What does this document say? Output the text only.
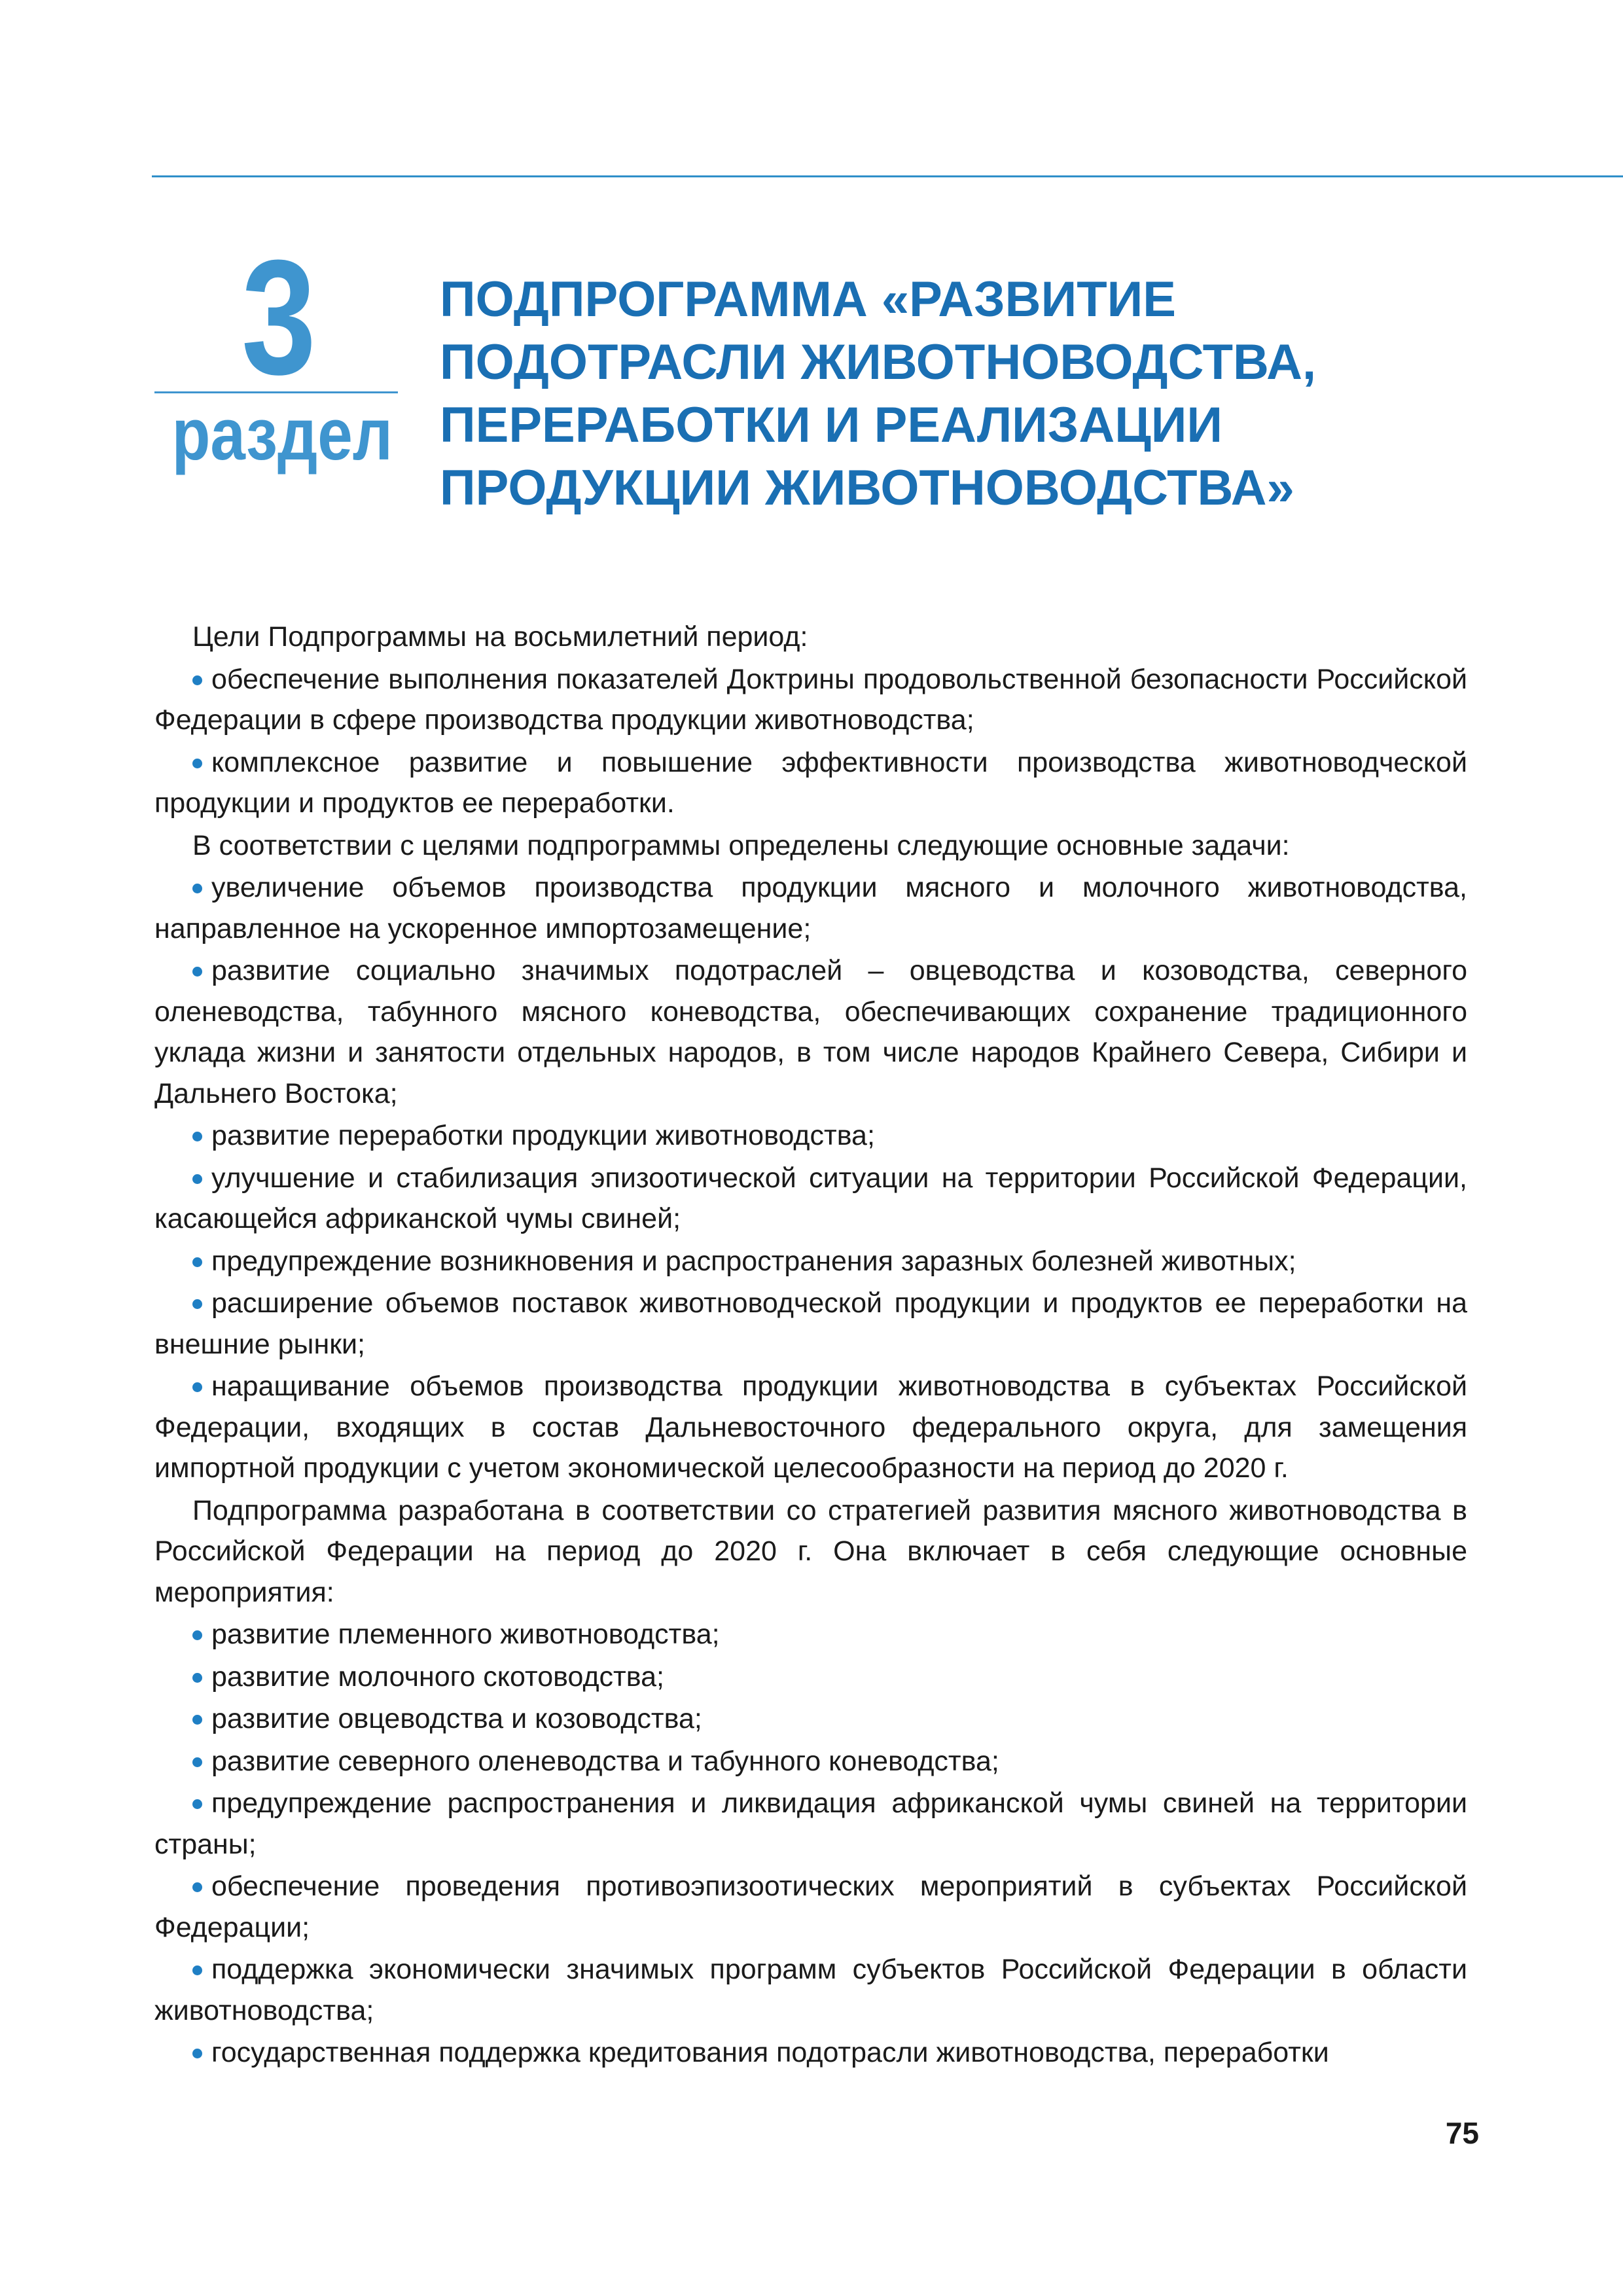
3
раздел
ПОДПРОГРАММА «РАЗВИТИЕ
ПОДОТРАСЛИ ЖИВОТНОВОДСТВА,
ПЕРЕРАБОТКИ И РЕАЛИЗАЦИИ
ПРОДУКЦИИ ЖИВОТНОВОДСТВА»

Цели Подпрограммы на восьмилетний период:

обеспечение выполнения показателей Доктрины продовольственной безопасности Российской Федерации в сфере производства продукции животноводства;

комплексное развитие и повышение эффективности производства животноводческой продукции и продуктов ее переработки.

В соответствии с целями подпрограммы определены следующие основные задачи:

увеличение объемов производства продукции мясного и молочного животноводства, направленное на ускоренное импортозамещение;

развитие социально значимых подотраслей – овцеводства и козоводства, северного оленеводства, табунного мясного коневодства, обеспечивающих сохранение традиционного уклада жизни и занятости отдельных народов, в том числе народов Крайнего Севера, Сибири и Дальнего Востока;

развитие переработки продукции животноводства;

улучшение и стабилизация эпизоотической ситуации на территории Российской Федерации, касающейся африканской чумы свиней;

предупреждение возникновения и распространения заразных болезней животных;

расширение объемов поставок животноводческой продукции и продуктов ее переработки на внешние рынки;

наращивание объемов производства продукции животноводства в субъектах Российской Федерации, входящих в состав Дальневосточного федерального округа, для замещения импортной продукции с учетом экономической целесообразности на период до 2020 г.

Подпрограмма разработана в соответствии со стратегией развития мясного животноводства в Российской Федерации на период до 2020 г. Она включает в себя следующие основные мероприятия:

развитие племенного животноводства;

развитие молочного скотоводства;

развитие овцеводства и козоводства;

развитие северного оленеводства и табунного коневодства;

предупреждение распространения и ликвидация африканской чумы свиней на территории страны;

обеспечение проведения противоэпизоотических мероприятий в субъектах Российской Федерации;

поддержка экономически значимых программ субъектов Российской Федерации в области животноводства;

государственная поддержка кредитования подотрасли животноводства, переработки

75
